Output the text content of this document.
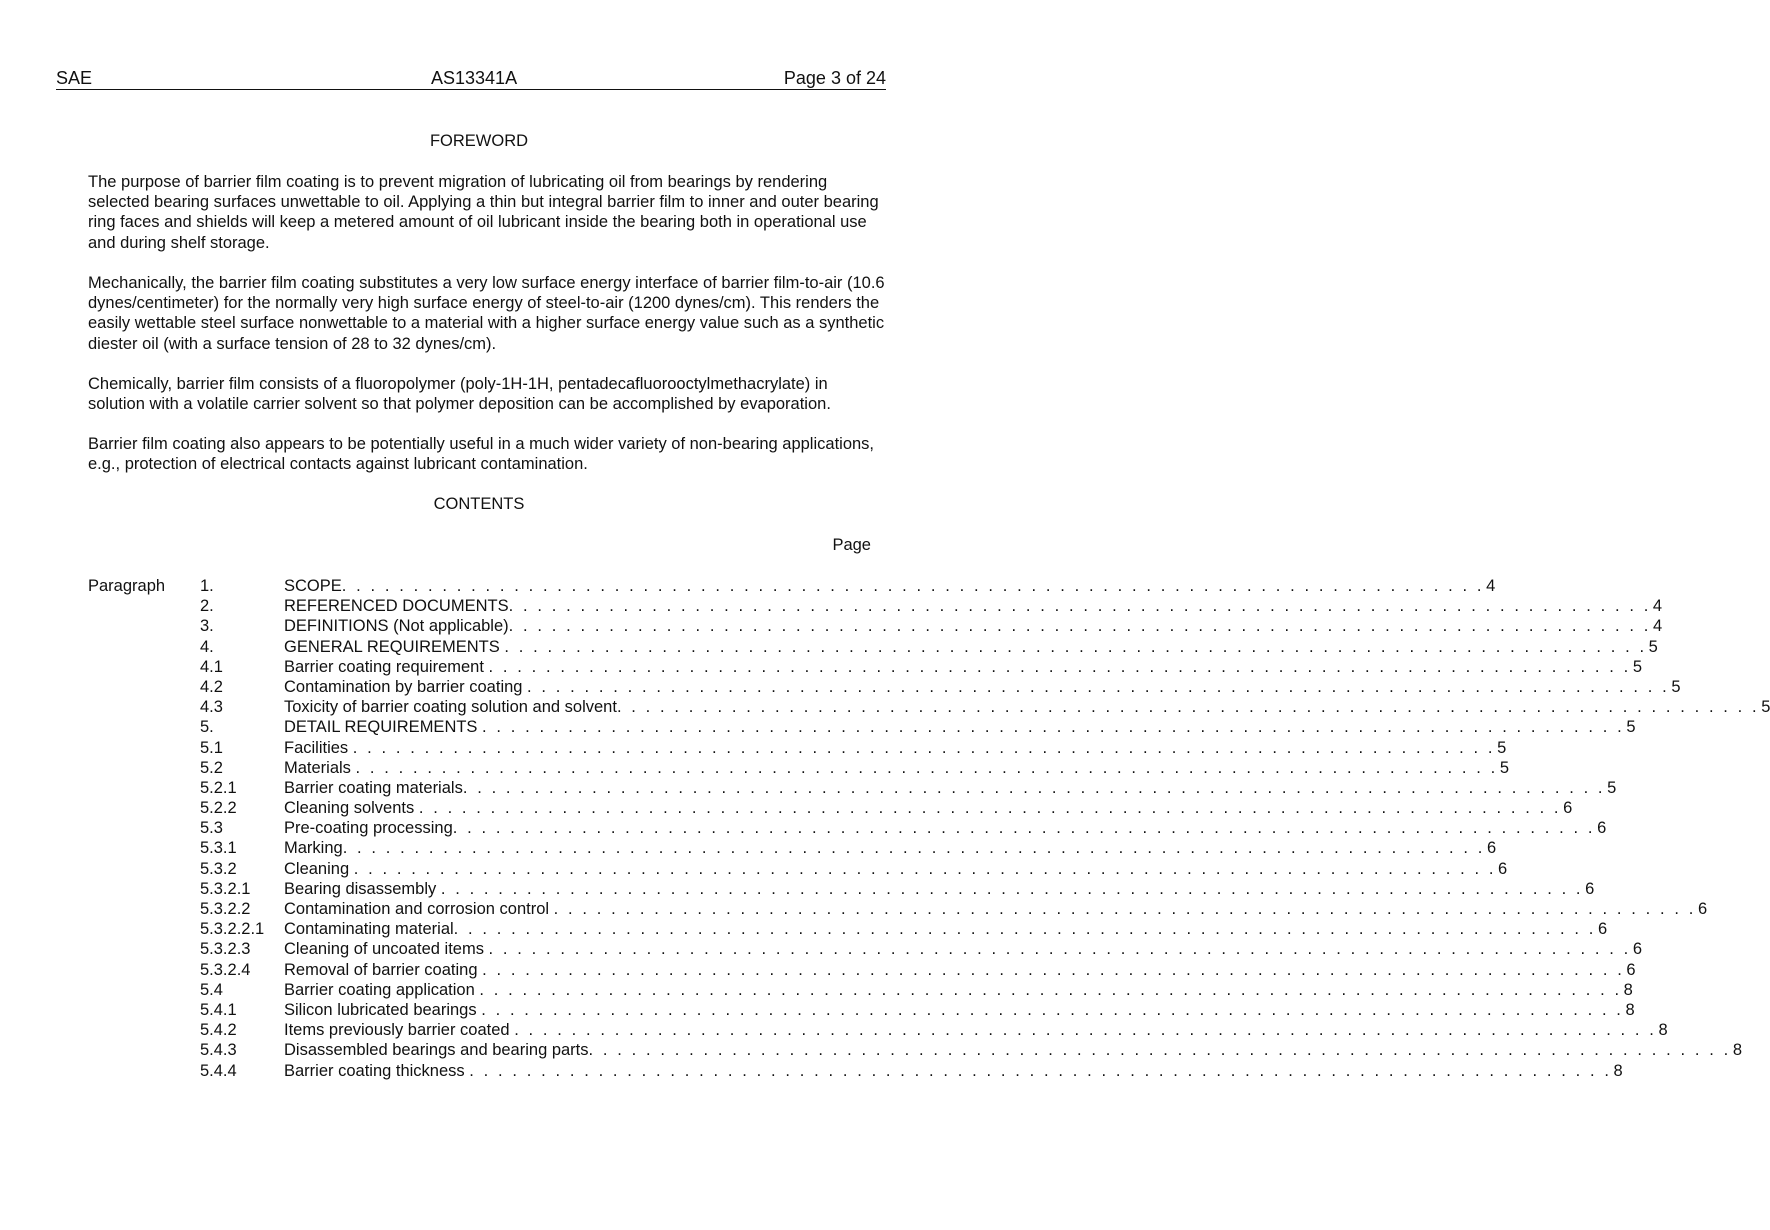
SAE	AS13341A	Page 3 of 24
FOREWORD
The purpose of barrier film coating is to prevent migration of lubricating oil from bearings by rendering selected bearing surfaces unwettable to oil. Applying a thin but integral barrier film to inner and outer bearing ring faces and shields will keep a metered amount of oil lubricant inside the bearing both in operational use and during shelf storage.
Mechanically, the barrier film coating substitutes a very low surface energy interface of barrier film-to-air (10.6 dynes/centimeter) for the normally very high surface energy of steel-to-air (1200 dynes/cm). This renders the easily wettable steel surface nonwettable to a material with a higher surface energy value such as a synthetic diester oil (with a surface tension of 28 to 32 dynes/cm).
Chemically, barrier film consists of a fluoropolymer (poly-1H-1H, pentadecafluorooctylmethacrylate) in solution with a volatile carrier solvent so that polymer deposition can be accomplished by evaporation.
Barrier film coating also appears to be potentially useful in a much wider variety of non-bearing applications, e.g., protection of electrical contacts against lubricant contamination.
CONTENTS
Page
Paragraph 1.	SCOPE . . . . . . . . . . . . . . . . . . . . . . . . . . . . . . . . . . . . . . . . . . . . . . . . . . . . . . . . . . . . . . . . . . . . . . . . . . . . . . . . 4
2.	REFERENCED DOCUMENTS . . . . . . . . . . . . . . . . . . . . . . . . . . . . . . . . . . . . . . . . . . . . . . . . . . . . . . . . . . . . . . . . . . . . . . . . . . . . . . . . 4
3.	DEFINITIONS (Not applicable) . . . . . . . . . . . . . . . . . . . . . . . . . . . . . . . . . . . . . . . . . . . . . . . . . . . . . . . . . . . . . . . . . . . . . . . . . . . . . . . . 4
4.	GENERAL REQUIREMENTS . . . . . . . . . . . . . . . . . . . . . . . . . . . . . . . . . . . . . . . . . . . . . . . . . . . . . . . . . . . . . . . . . . . . . . . . . . . . . . . . 5
4.1	Barrier coating requirement . . . . . . . . . . . . . . . . . . . . . . . . . . . . . . . . . . . . . . . . . . . . . . . . . . . . . . . . . . . . . . . . . . . . . . . . . . . . . . . . 5
4.2	Contamination by barrier coating . . . . . . . . . . . . . . . . . . . . . . . . . . . . . . . . . . . . . . . . . . . . . . . . . . . . . . . . . . . . . . . . . . . . . . . . . . . . . . . . 5
4.3	Toxicity of barrier coating solution and solvent . . . . . . . . . . . . . . . . . . . . . . . . . . . . . . . . . . . . . . . . . . . . . . . . . . . . . . . . . . . . . . . . . . . . . . . . . . . . . . . . 5
5.	DETAIL REQUIREMENTS . . . . . . . . . . . . . . . . . . . . . . . . . . . . . . . . . . . . . . . . . . . . . . . . . . . . . . . . . . . . . . . . . . . . . . . . . . . . . . . . 5
5.1	Facilities . . . . . . . . . . . . . . . . . . . . . . . . . . . . . . . . . . . . . . . . . . . . . . . . . . . . . . . . . . . . . . . . . . . . . . . . . . . . . . . . 5
5.2	Materials . . . . . . . . . . . . . . . . . . . . . . . . . . . . . . . . . . . . . . . . . . . . . . . . . . . . . . . . . . . . . . . . . . . . . . . . . . . . . . . . 5
5.2.1	Barrier coating materials . . . . . . . . . . . . . . . . . . . . . . . . . . . . . . . . . . . . . . . . . . . . . . . . . . . . . . . . . . . . . . . . . . . . . . . . . . . . . . . . 5
5.2.2	Cleaning solvents . . . . . . . . . . . . . . . . . . . . . . . . . . . . . . . . . . . . . . . . . . . . . . . . . . . . . . . . . . . . . . . . . . . . . . . . . . . . . . . . 6
5.3	Pre-coating processing . . . . . . . . . . . . . . . . . . . . . . . . . . . . . . . . . . . . . . . . . . . . . . . . . . . . . . . . . . . . . . . . . . . . . . . . . . . . . . . . 6
5.3.1	Marking . . . . . . . . . . . . . . . . . . . . . . . . . . . . . . . . . . . . . . . . . . . . . . . . . . . . . . . . . . . . . . . . . . . . . . . . . . . . . . . . 6
5.3.2	Cleaning . . . . . . . . . . . . . . . . . . . . . . . . . . . . . . . . . . . . . . . . . . . . . . . . . . . . . . . . . . . . . . . . . . . . . . . . . . . . . . . . 6
5.3.2.1 Bearing disassembly . . . . . . . . . . . . . . . . . . . . . . . . . . . . . . . . . . . . . . . . . . . . . . . . . . . . . . . . . . . . . . . . . . . . . . . . . . . . . . . . 6
5.3.2.2 Contamination and corrosion control . . . . . . . . . . . . . . . . . . . . . . . . . . . . . . . . . . . . . . . . . . . . . . . . . . . . . . . . . . . . . . . . . . . . . . . . . . . . . . . . 6
5.3.2.2.1 Contaminating material . . . . . . . . . . . . . . . . . . . . . . . . . . . . . . . . . . . . . . . . . . . . . . . . . . . . . . . . . . . . . . . . . . . . . . . . . . . . . . . . 6
5.3.2.3 Cleaning of uncoated items . . . . . . . . . . . . . . . . . . . . . . . . . . . . . . . . . . . . . . . . . . . . . . . . . . . . . . . . . . . . . . . . . . . . . . . . . . . . . . . . 6
5.3.2.4 Removal of barrier coating . . . . . . . . . . . . . . . . . . . . . . . . . . . . . . . . . . . . . . . . . . . . . . . . . . . . . . . . . . . . . . . . . . . . . . . . . . . . . . . . 6
5.4	Barrier coating application . . . . . . . . . . . . . . . . . . . . . . . . . . . . . . . . . . . . . . . . . . . . . . . . . . . . . . . . . . . . . . . . . . . . . . . . . . . . . . . . 8
5.4.1	Silicon lubricated bearings . . . . . . . . . . . . . . . . . . . . . . . . . . . . . . . . . . . . . . . . . . . . . . . . . . . . . . . . . . . . . . . . . . . . . . . . . . . . . . . . 8
5.4.2	Items previously barrier coated . . . . . . . . . . . . . . . . . . . . . . . . . . . . . . . . . . . . . . . . . . . . . . . . . . . . . . . . . . . . . . . . . . . . . . . . . . . . . . . . 8
5.4.3	Disassembled bearings and bearing parts . . . . . . . . . . . . . . . . . . . . . . . . . . . . . . . . . . . . . . . . . . . . . . . . . . . . . . . . . . . . . . . . . . . . . . . . . . . . . . . . 8
5.4.4	Barrier coating thickness . . . . . . . . . . . . . . . . . . . . . . . . . . . . . . . . . . . . . . . . . . . . . . . . . . . . . . . . . . . . . . . . . . . . . . . . . . . . . . . . 8
